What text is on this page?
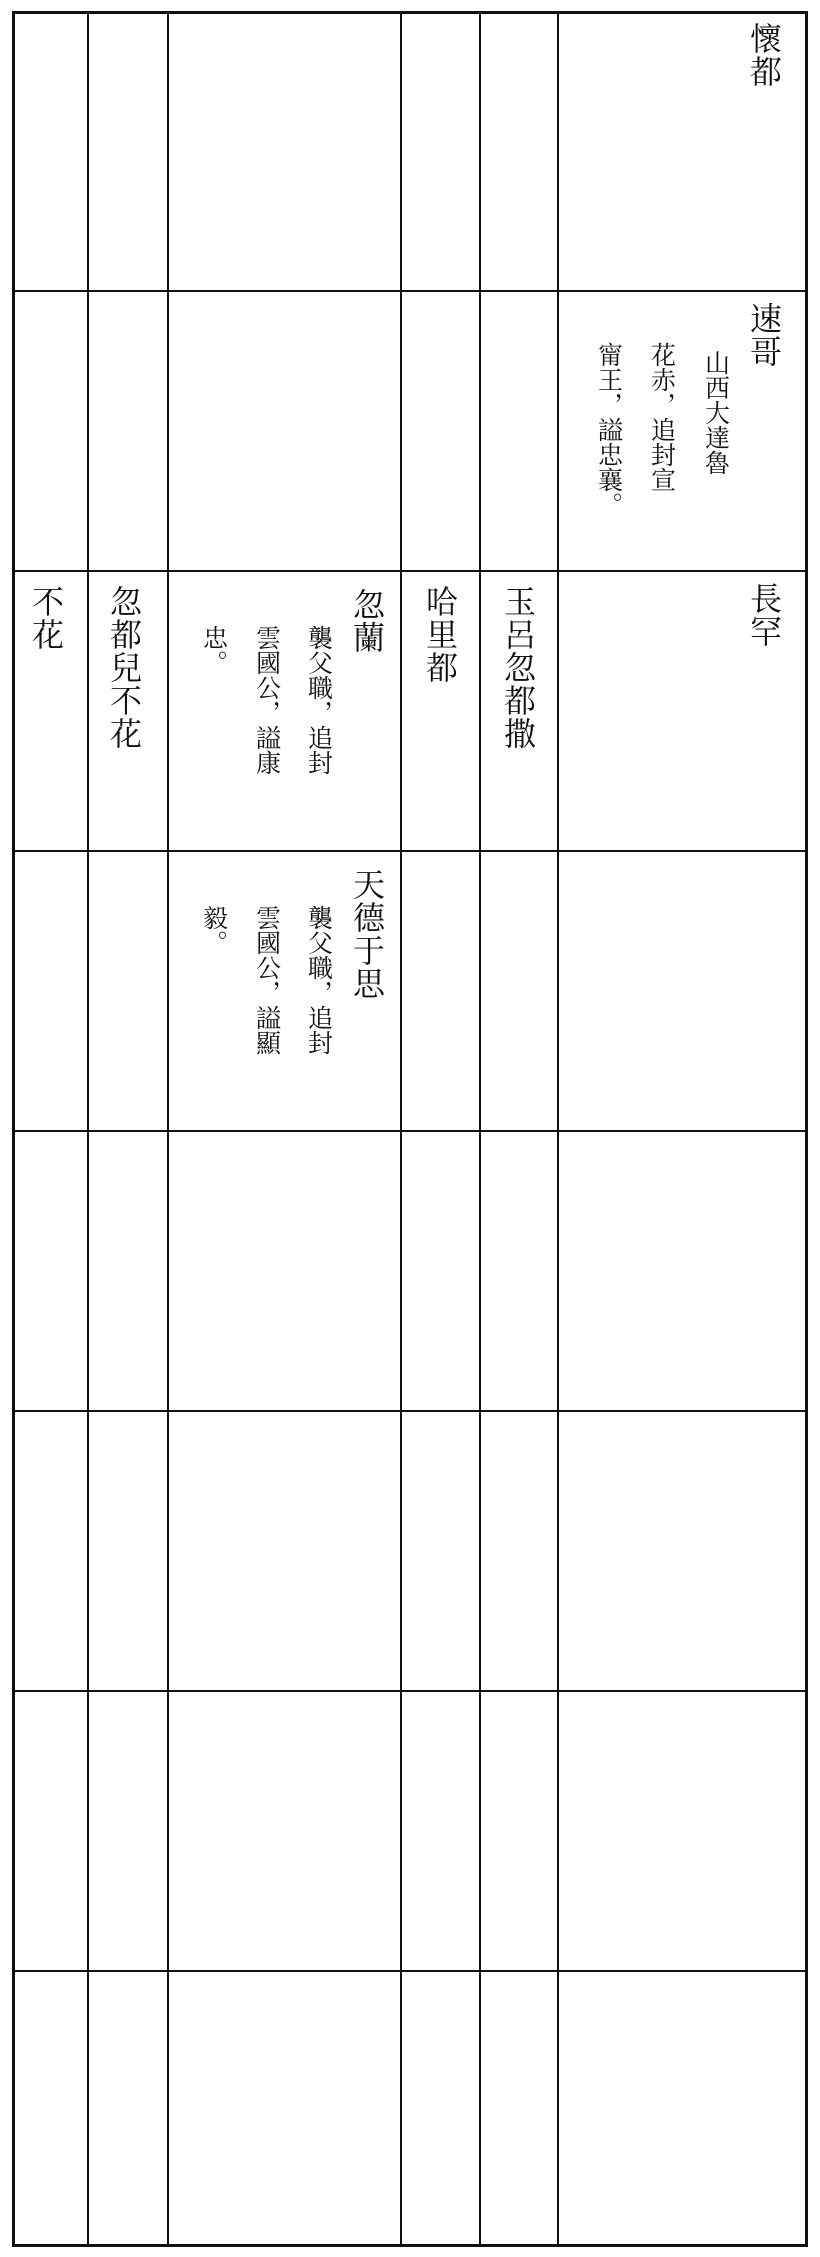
懷都
速哥
山西大達魯
花赤，追封宣
甯王，謚忠襄。
長罕
玉呂忽都撒
哈里都
忽蘭
襲父職，追封
雲國公，謚康
忠。
天德于思
襲父職，追封
雲國公，謚顯
毅。
忽都兒不花
不花
